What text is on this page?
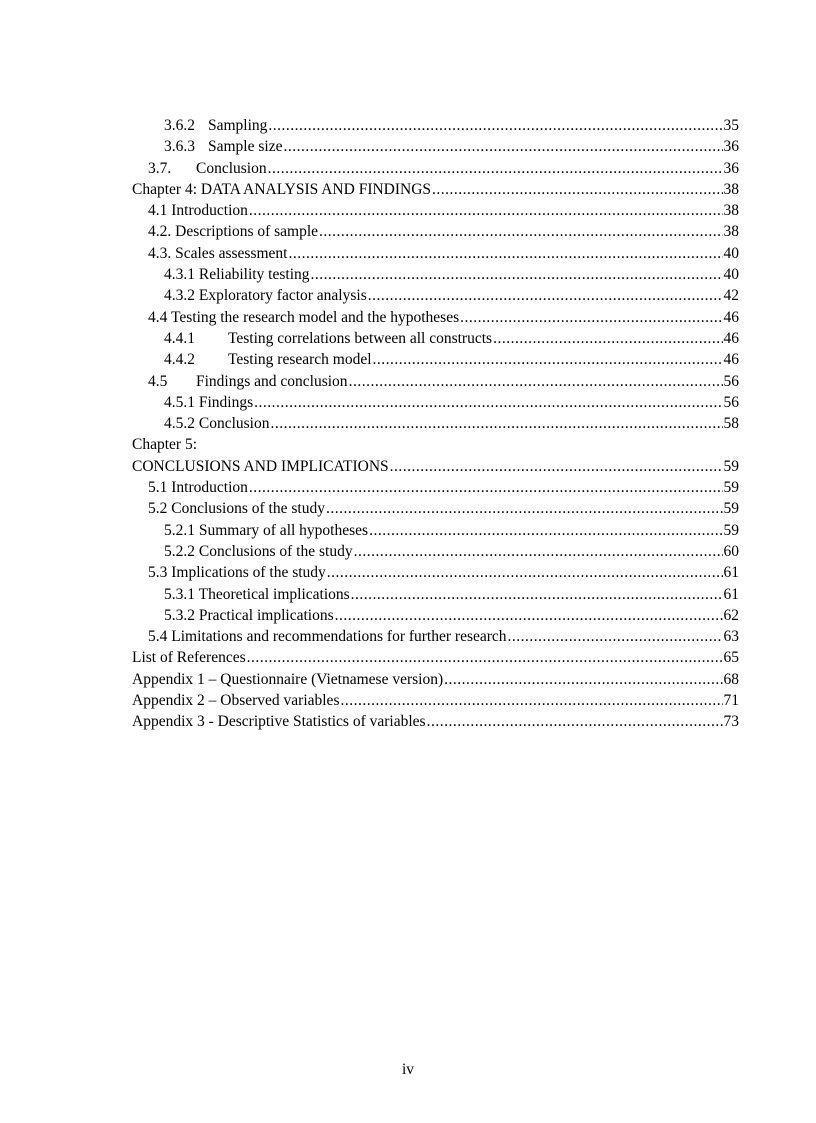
3.6.2 Sampling .....	35
3.6.3 Sample size .....	36
3.7.	Conclusion .....	36
Chapter 4: DATA ANALYSIS AND FINDINGS .....	38
4.1 Introduction .....	38
4.2. Descriptions of sample .....	38
4.3. Scales assessment .....	40
4.3.1 Reliability testing .....	40
4.3.2 Exploratory factor analysis .....	42
4.4 Testing the research model and the hypotheses .....	46
4.4.1	Testing correlations between all constructs .....	46
4.4.2	Testing research model .....	46
4.5	Findings and conclusion .....	56
4.5.1 Findings .....	56
4.5.2 Conclusion .....	58
Chapter 5:
CONCLUSIONS AND IMPLICATIONS .....	59
5.1 Introduction .....	59
5.2 Conclusions of the study .....	59
5.2.1 Summary of all hypotheses .....	59
5.2.2 Conclusions of the study .....	60
5.3 Implications of the study .....	61
5.3.1 Theoretical implications .....	61
5.3.2 Practical implications .....	62
5.4 Limitations and recommendations for further research .....	63
List of References .....	65
Appendix 1 – Questionnaire (Vietnamese version) .....	68
Appendix 2 – Observed variables .....	71
Appendix 3 - Descriptive Statistics of variables .....	73
iv
